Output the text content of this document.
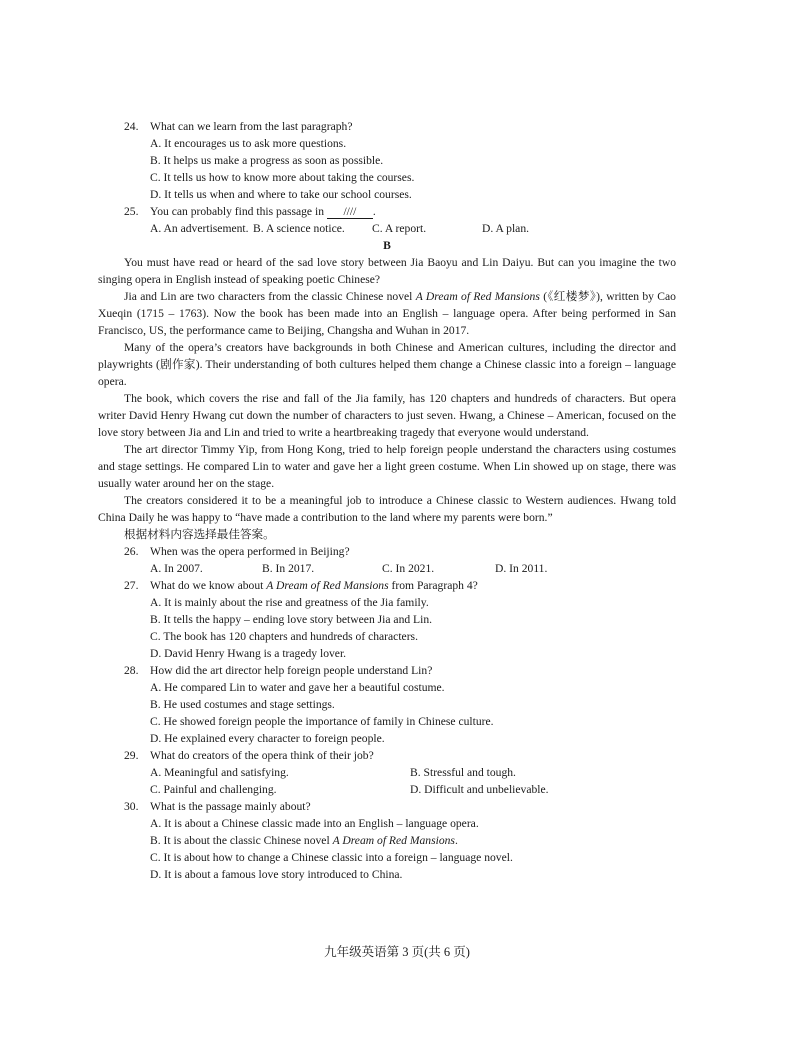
24. What can we learn from the last paragraph?
A. It encourages us to ask more questions.
B. It helps us make a progress as soon as possible.
C. It tells us how to know more about taking the courses.
D. It tells us when and where to take our school courses.
25. You can probably find this passage in //// .
A. An advertisement. B. A science notice.	C. A report.	D. A plan.
B
You must have read or heard of the sad love story between Jia Baoyu and Lin Daiyu. But can you imagine the two singing opera in English instead of speaking poetic Chinese?
Jia and Lin are two characters from the classic Chinese novel A Dream of Red Mansions (《红楼梦》), written by Cao Xueqin (1715 – 1763). Now the book has been made into an English – language opera. After being performed in San Francisco, US, the performance came to Beijing, Changsha and Wuhan in 2017.
Many of the opera’s creators have backgrounds in both Chinese and American cultures, including the director and playwrights (剧作家). Their understanding of both cultures helped them change a Chinese classic into a foreign – language opera.
The book, which covers the rise and fall of the Jia family, has 120 chapters and hundreds of characters. But opera writer David Henry Hwang cut down the number of characters to just seven. Hwang, a Chinese – American, focused on the love story between Jia and Lin and tried to write a heartbreaking tragedy that everyone would understand.
The art director Timmy Yip, from Hong Kong, tried to help foreign people understand the characters using costumes and stage settings. He compared Lin to water and gave her a light green costume. When Lin showed up on stage, there was usually water around her on the stage.
The creators considered it to be a meaningful job to introduce a Chinese classic to Western audiences. Hwang told China Daily he was happy to “have made a contribution to the land where my parents were born.”
根据材料内容选择最佳答案。
26. When was the opera performed in Beijing?
A. In 2007.	B. In 2017.	C. In 2021.	D. In 2011.
27. What do we know about A Dream of Red Mansions from Paragraph 4?
A. It is mainly about the rise and greatness of the Jia family.
B. It tells the happy – ending love story between Jia and Lin.
C. The book has 120 chapters and hundreds of characters.
D. David Henry Hwang is a tragedy lover.
28. How did the art director help foreign people understand Lin?
A. He compared Lin to water and gave her a beautiful costume.
B. He used costumes and stage settings.
C. He showed foreign people the importance of family in Chinese culture.
D. He explained every character to foreign people.
29. What do creators of the opera think of their job?
A. Meaningful and satisfying.	B. Stressful and tough.
C. Painful and challenging.	D. Difficult and unbelievable.
30. What is the passage mainly about?
A. It is about a Chinese classic made into an English – language opera.
B. It is about the classic Chinese novel A Dream of Red Mansions.
C. It is about how to change a Chinese classic into a foreign – language novel.
D. It is about a famous love story introduced to China.
九年级英语第 3 页(共 6 页)
